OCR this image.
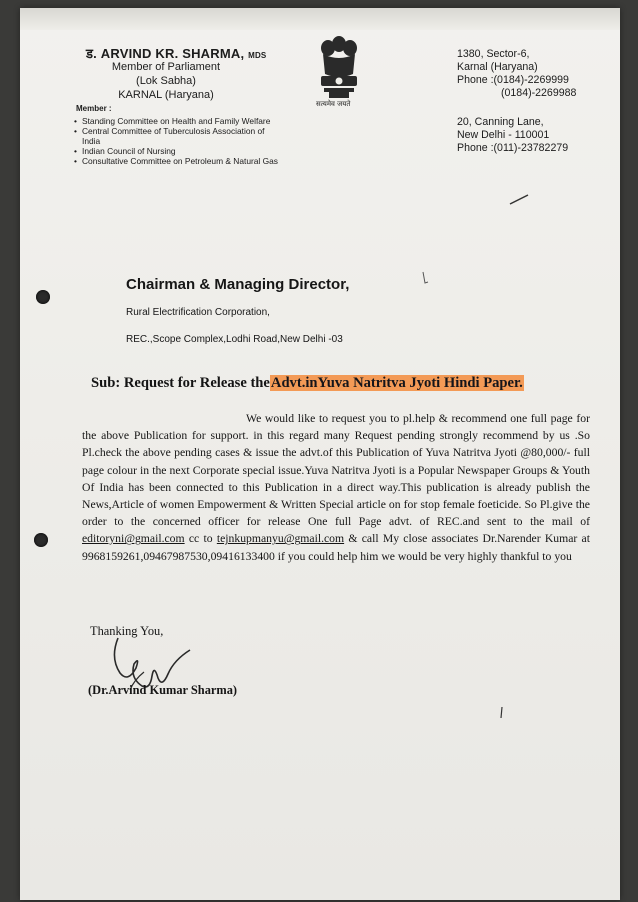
ड. ARVIND KR. SHARMA, MDS
Member of Parliament
(Lok Sabha)
KARNAL (Haryana)
Member :
• Standing Committee on Health and Family Welfare
• Central Committee of Tuberculosis Association of India
• Indian Council of Nursing
• Consultative Committee on Petroleum & Natural Gas
सत्यमेव जयते
1380, Sector-6,
Karnal (Haryana)
Phone :(0184)-2269999
(0184)-2269988
20, Canning Lane,
New Delhi - 110001
Phone :(011)-23782279
Chairman & Managing Director,
Rural Electrification Corporation,
REC.,Scope Complex,Lodhi Road,New Delhi -03
Sub: Request for Release theAdvt.inYuva Natritva Jyoti Hindi Paper.

We would like to request you to pl.help & recommend one full page for the above Publication for support. in this regard many Request pending strongly recommend by us .So Pl.check the above pending cases & issue the advt.of this Publication of Yuva Natritva Jyoti @80,000/- full page colour in the next Corporate special issue.Yuva Natritva Jyoti is a Popular Newspaper Groups & Youth Of India has been connected to this Publication in a direct way.This publication is already publish the News,Article of women Empowerment & Written Special article on for stop female foeticide. So Pl.give the order to the concerned officer for release One full Page advt. of REC.and sent to the mail of editoryni@gmail.com cc to tejnkupmanyu@gmail.com & call My close associates Dr.Narender Kumar at 9968159261,09467987530,09416133400 if you could help him we would be very highly thankful to you

Thanking You,
(Dr.Arvind Kumar Sharma)
